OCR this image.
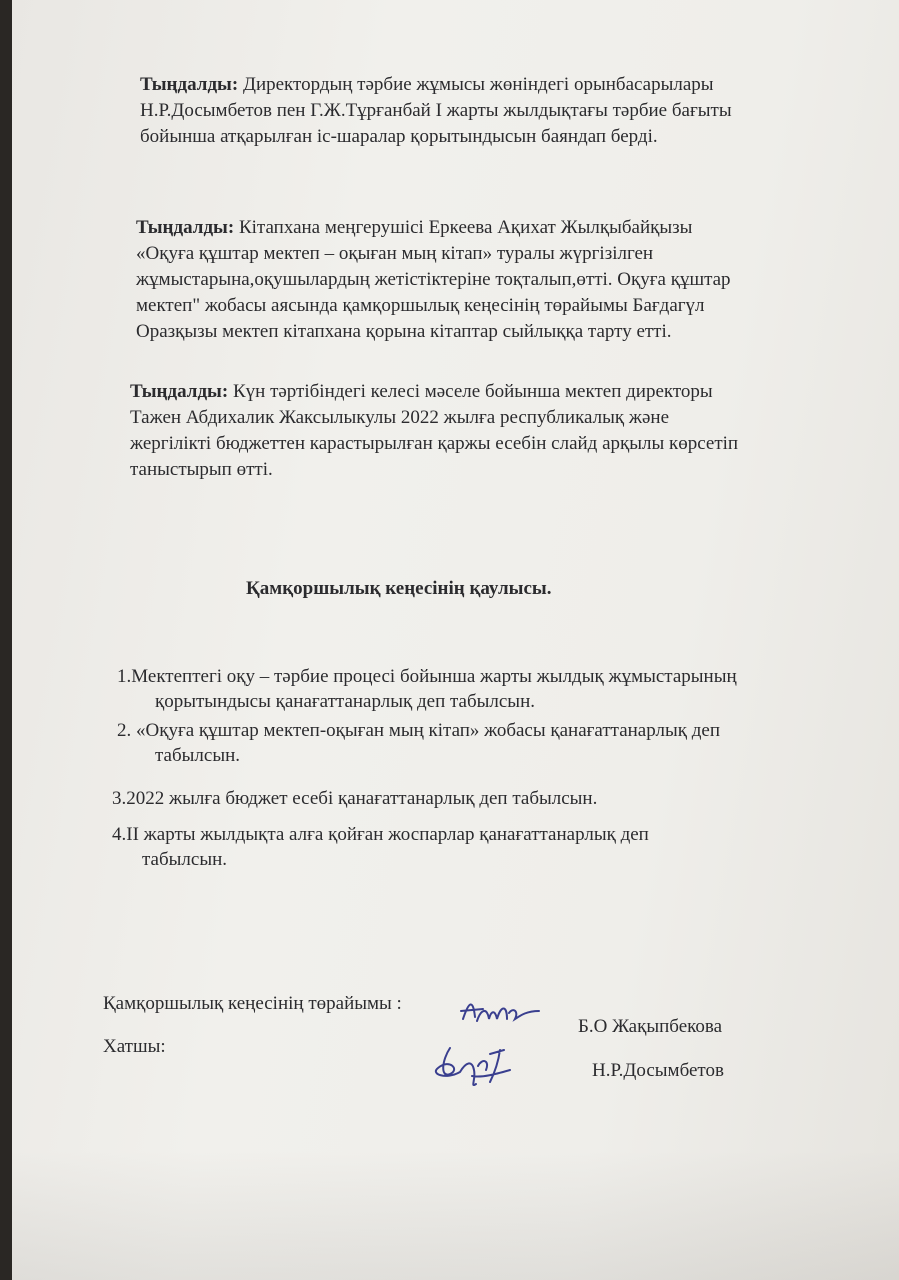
Тыңдалды: Директордың тәрбие жұмысы жөніндегі орынбасарылары
Н.Р.Досымбетов пен Г.Ж.Тұрғанбай I жарты жылдықтағы тәрбие бағыты
бойынша атқарылған іс-шаралар қорытындысын баяндап берді.
Тыңдалды: Кітапхана меңгерушісі Еркеева Ақихат Жылқыбайқызы
«Оқуға құштар мектеп – оқыған мың кітап» туралы жүргізілген
жұмыстарына,оқушылардың жетістіктеріне тоқталып,өтті. Оқуға құштар
мектеп" жобасы аясында қамқоршылық кеңесінің төрайымы Бағдагүл
Оразқызы мектеп кітапхана қорына кітаптар сыйлыққа тарту етті.
Тыңдалды: Күн тәртібіндегі келесі мәселе бойынша мектеп директоры
Тажен Абдихалик Жаксылыкулы 2022 жылға республикалық және
жергілікті бюджеттен карастырылған қаржы есебін слайд арқылы көрсетіп
таныстырып өтті.

Қамқоршылық кеңесінің қаулысы.

1.Мектептегі оқу – тәрбие процесі бойынша жарты жылдық жұмыстарының
қорытындысы қанағаттанарлық деп табылсын.
2. «Оқуға құштар мектеп-оқыған мың кітап» жобасы қанағаттанарлық деп
табылсын.
3.2022 жылға бюджет есебі қанағаттанарлық деп табылсын.
4.II жарты жылдықта алға қойған жоспарлар қанағаттанарлық деп
табылсын.

Қамқоршылық кеңесінің төрайымы :

Б.О Жақыпбекова

Хатшы:

Н.Р.Досымбетов
